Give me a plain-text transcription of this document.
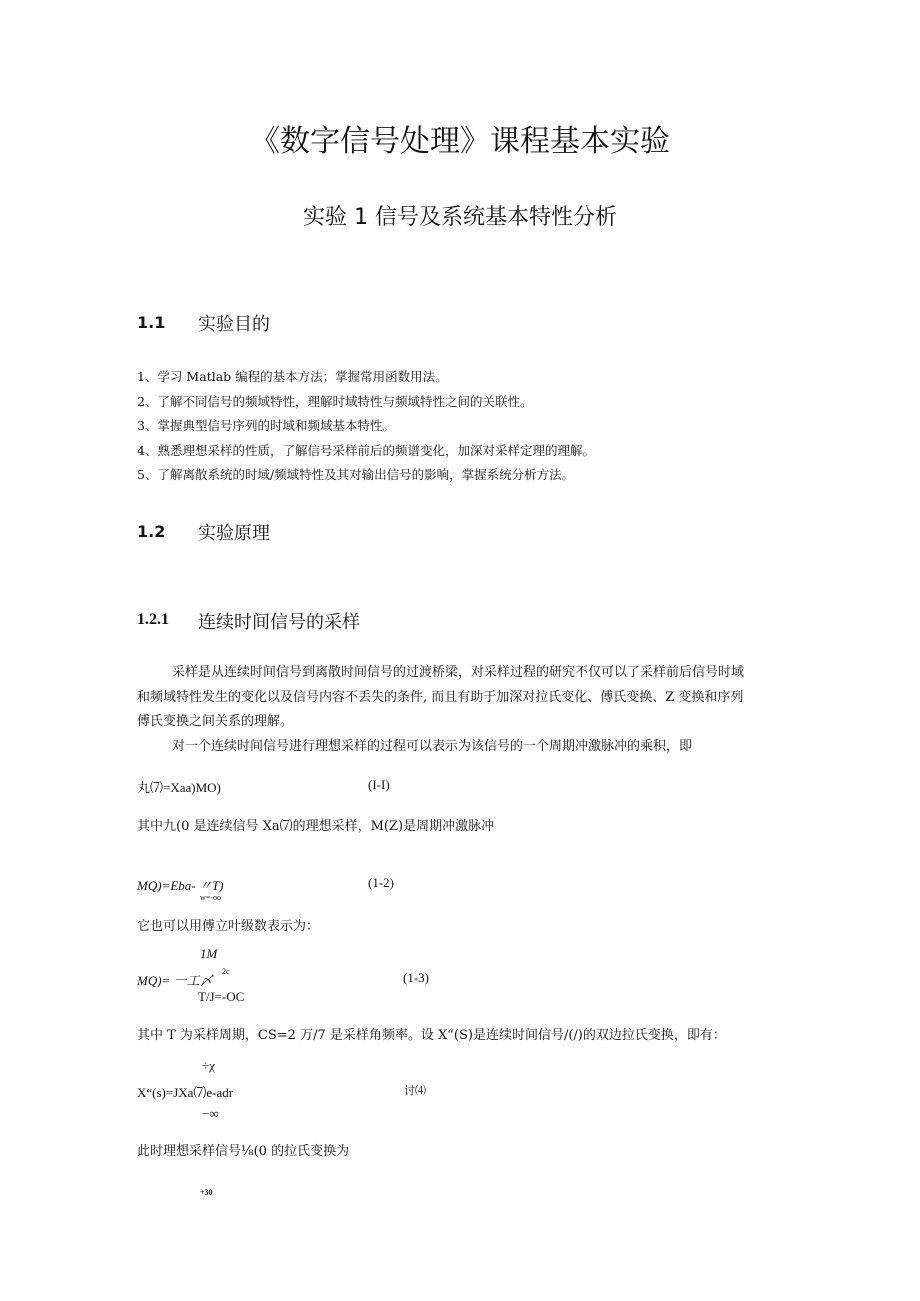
《数字信号处理》课程基本实验
实验 1 信号及系统基本特性分析
1.1 实验目的
1、学习 Matlab 编程的基本方法；掌握常用函数用法。
2、了解不同信号的频域特性，理解时域特性与频域特性之间的关联性。
3、掌握典型信号序列的时域和频域基本特性。
4、熟悉理想采样的性质，了解信号采样前后的频谱变化，加深对采样定理的理解。
5、了解离散系统的时域/频域特性及其对输出信号的影响，掌握系统分析方法。
1.2 实验原理
1.2.1 连续时间信号的采样
采样是从连续时间信号到离散时间信号的过渡桥梁，对采样过程的研究不仅可以了采样前后信号时域
和频域特性发生的变化以及信号内容不丢失的条件, 而且有助于加深对拉氏变化、傅氏变换、Z 变换和序列
傅氏变换之间关系的理解。
对一个连续时间信号进行理想采样的过程可以表示为该信号的一个周期冲激脉冲的乘积，即
丸⑺=Xaa)MO)	(I-I)
其中九(0 是连续信号 Xa⑺的理想采样，M(Z)是周期冲激脉冲
MQ)=Eba- 〃T)
w=-oo
(1-2)
它也可以用傅立叶级数表示为：
1M
MQ)= 一工〆
2c
T/J=-OC
(1-3)
其中 T 为采样周期，CS=2 万/7 是采样角频率。设 X“(S)是连续时间信号/(/)的双边拉氏变换，即有：
÷χ
X“(s)=JXa⑺e-adr
−∞
讨⑷
此时理想采样信号⅛(0 的拉氏变换为
+30
